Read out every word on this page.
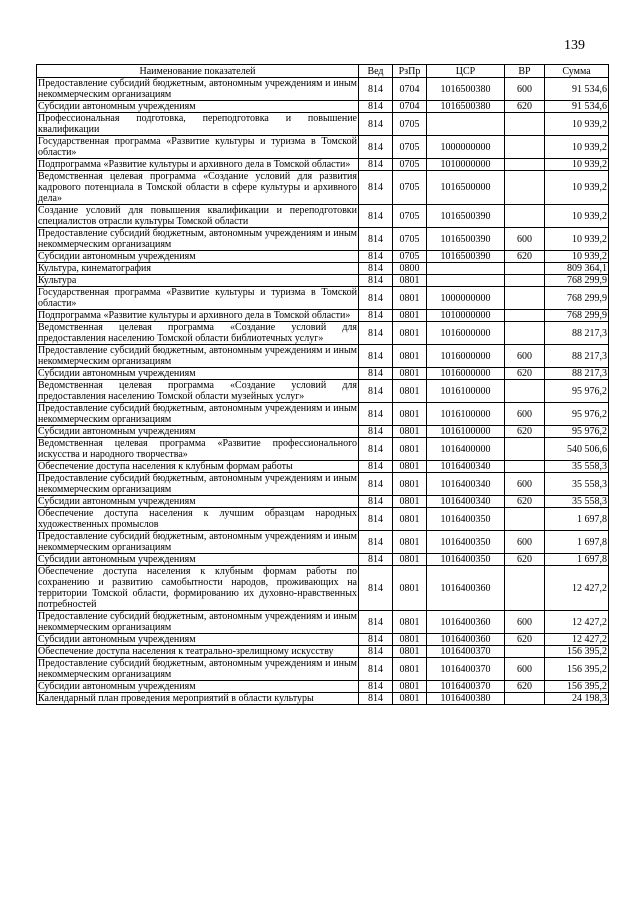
139
Наименование показателей	Вед	РзПр	ЦСР	ВР	Сумма
Предоставление субсидий бюджетным, автономным учреждениям и иным некоммерческим организациям	814	0704	1016500380	600	91 534,6
Субсидии автономным учреждениям	814	0704	1016500380	620	91 534,6
Профессиональная подготовка, переподготовка и повышение квалификации	814	0705			10 939,2
Государственная программа «Развитие культуры и туризма в Томской области»	814	0705	1000000000		10 939,2
Подпрограмма «Развитие культуры и архивного дела в Томской области»	814	0705	1010000000		10 939,2
Ведомственная целевая программа «Создание условий для развития кадрового потенциала в Томской области в сфере культуры и архивного дела»	814	0705	1016500000		10 939,2
Создание условий для повышения квалификации и переподготовки специалистов отрасли культуры Томской области	814	0705	1016500390		10 939,2
Предоставление субсидий бюджетным, автономным учреждениям и иным некоммерческим организациям	814	0705	1016500390	600	10 939,2
Субсидии автономным учреждениям	814	0705	1016500390	620	10 939,2
Культура, кинематография	814	0800			809 364,1
Культура	814	0801			768 299,9
Государственная программа «Развитие культуры и туризма в Томской области»	814	0801	1000000000		768 299,9
Подпрограмма «Развитие культуры и архивного дела в Томской области»	814	0801	1010000000		768 299,9
Ведомственная целевая программа «Создание условий для предоставления населению Томской области библиотечных услуг»	814	0801	1016000000		88 217,3
Предоставление субсидий бюджетным, автономным учреждениям и иным некоммерческим организациям	814	0801	1016000000	600	88 217,3
Субсидии автономным учреждениям	814	0801	1016000000	620	88 217,3
Ведомственная целевая программа «Создание условий для предоставления населению Томской области музейных услуг»	814	0801	1016100000		95 976,2
Предоставление субсидий бюджетным, автономным учреждениям и иным некоммерческим организациям	814	0801	1016100000	600	95 976,2
Субсидии автономным учреждениям	814	0801	1016100000	620	95 976,2
Ведомственная целевая программа «Развитие профессионального искусства и народного творчества»	814	0801	1016400000		540 506,6
Обеспечение доступа населения к клубным формам работы	814	0801	1016400340		35 558,3
Предоставление субсидий бюджетным, автономным учреждениям и иным некоммерческим организациям	814	0801	1016400340	600	35 558,3
Субсидии автономным учреждениям	814	0801	1016400340	620	35 558,3
Обеспечение доступа населения к лучшим образцам народных художественных промыслов	814	0801	1016400350		1 697,8
Предоставление субсидий бюджетным, автономным учреждениям и иным некоммерческим организациям	814	0801	1016400350	600	1 697,8
Субсидии автономным учреждениям	814	0801	1016400350	620	1 697,8
Обеспечение доступа населения к клубным формам работы по сохранению и развитию самобытности народов, проживающих на территории Томской области, формированию их духовно-нравственных потребностей	814	0801	1016400360		12 427,2
Предоставление субсидий бюджетным, автономным учреждениям и иным некоммерческим организациям	814	0801	1016400360	600	12 427,2
Субсидии автономным учреждениям	814	0801	1016400360	620	12 427,2
Обеспечение доступа населения к театрально-зрелищному искусству	814	0801	1016400370		156 395,2
Предоставление субсидий бюджетным, автономным учреждениям и иным некоммерческим организациям	814	0801	1016400370	600	156 395,2
Субсидии автономным учреждениям	814	0801	1016400370	620	156 395,2
Календарный план проведения мероприятий в области культуры	814	0801	1016400380		24 198,3
